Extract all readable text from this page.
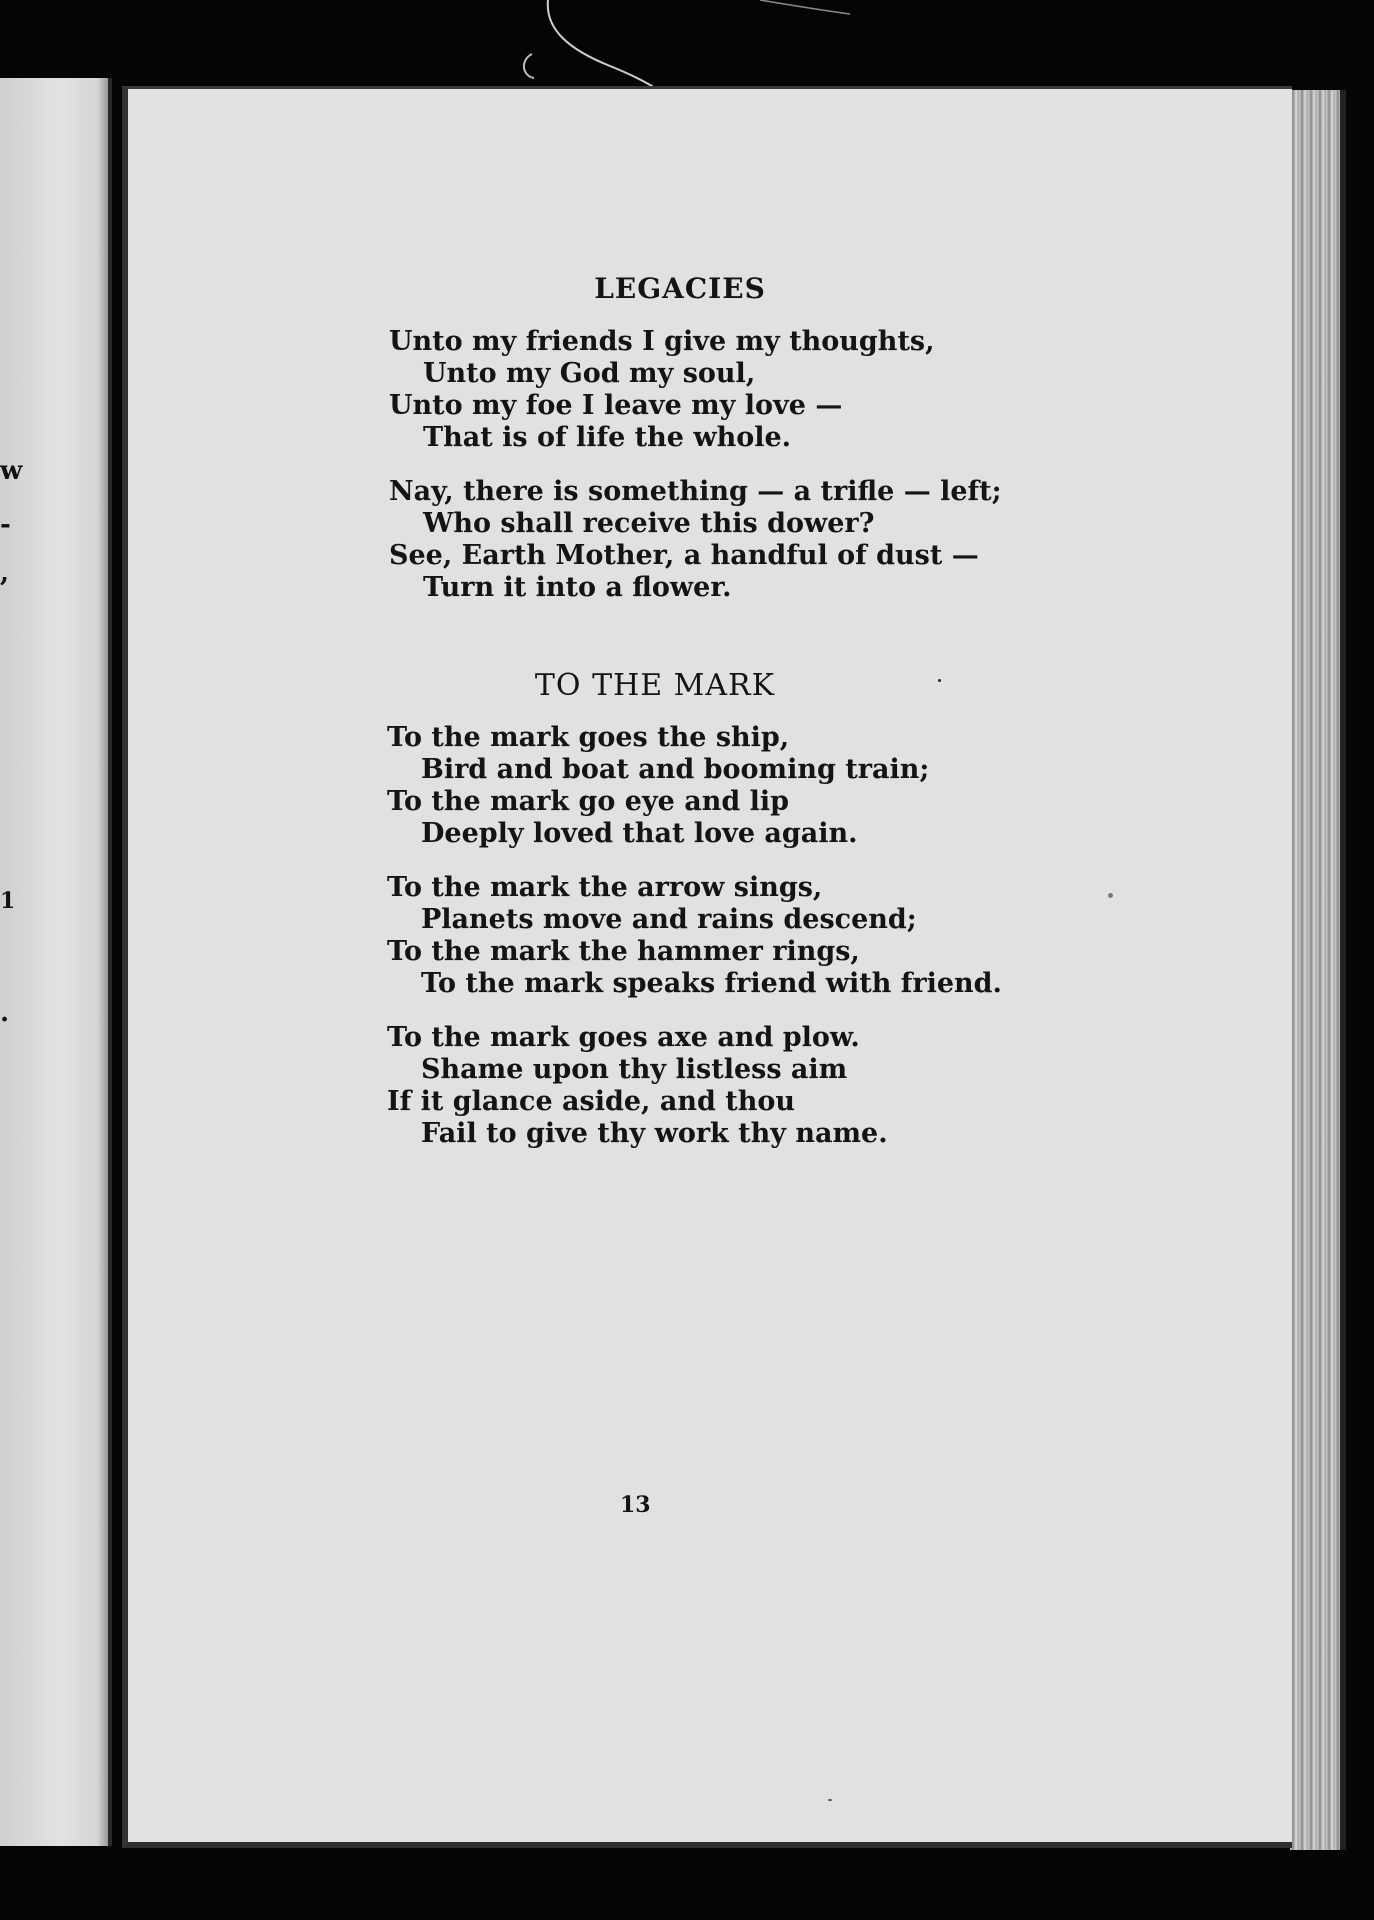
w
-
,
1
.
LEGACIES
Unto my friends I give my thoughts,
Unto my God my soul,
Unto my foe I leave my love —
That is of life the whole.
Nay, there is something — a trifle — left;
Who shall receive this dower?
See, Earth Mother, a handful of dust —
Turn it into a flower.
TO THE MARK
To the mark goes the ship,
Bird and boat and booming train;
To the mark go eye and lip
Deeply loved that love again.
To the mark the arrow sings,
Planets move and rains descend;
To the mark the hammer rings,
To the mark speaks friend with friend.
To the mark goes axe and plow.
Shame upon thy listless aim
If it glance aside, and thou
Fail to give thy work thy name.
13
